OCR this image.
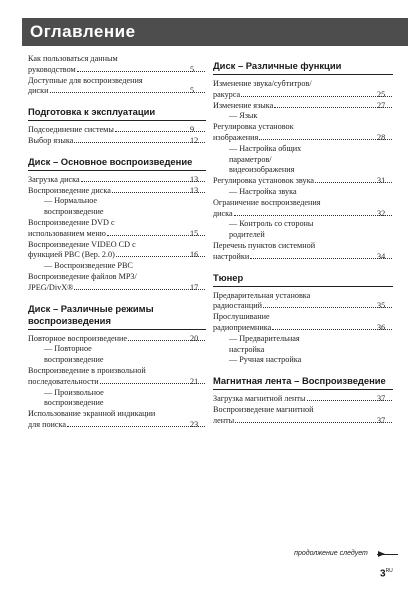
Оглавление
Как пользоваться данным
руководством	5
Доступные для воспроизведения
диски	5
Подготовка к эксплуатации
Подсоединение системы	9
Выбор языка	12
Диск – Основное воспроизведение
Загрузка диска	13
Воспроизведение диска	13
— Нормальное
воспроизведение
Воспроизведение DVD с
использованием меню	15
Воспроизведение VIDEO CD с
функцией PBC (Вер. 2.0)	16
— Воспроизведение PBC
Воспроизведение файлов MP3/
JPEG/DivX®	17
Диск – Различные режимы воспроизведения
Повторное воспроизведение	20
— Повторное
воспроизведение
Воспроизведение в произвольной
последовательности	21
— Произвольное
воспроизведение
Использование экранной индикации
для поиска	23
Диск – Различные функции
Изменение звука/субтитров/
ракурса	25
Изменение языка	27
— Язык
Регулировка установок
изображения	28
— Настройка общих
параметров/
видеоизображения
Регулировка установок звука	31
— Настройка звука
Ограничение воспроизведения
диска	32
— Контроль со стороны
родителей
Перечень пунктов системной
настройки	34
Тюнер
Предварительная установка
радиостанций	35
Прослушивание
радиоприемника	36
— Предварительная
настройка
— Ручная настройка
Магнитная лента – Воспроизведение
Загрузка магнитной ленты	37
Воспроизведение магнитной
ленты	37
продолжение следует
$3^{RU}$
